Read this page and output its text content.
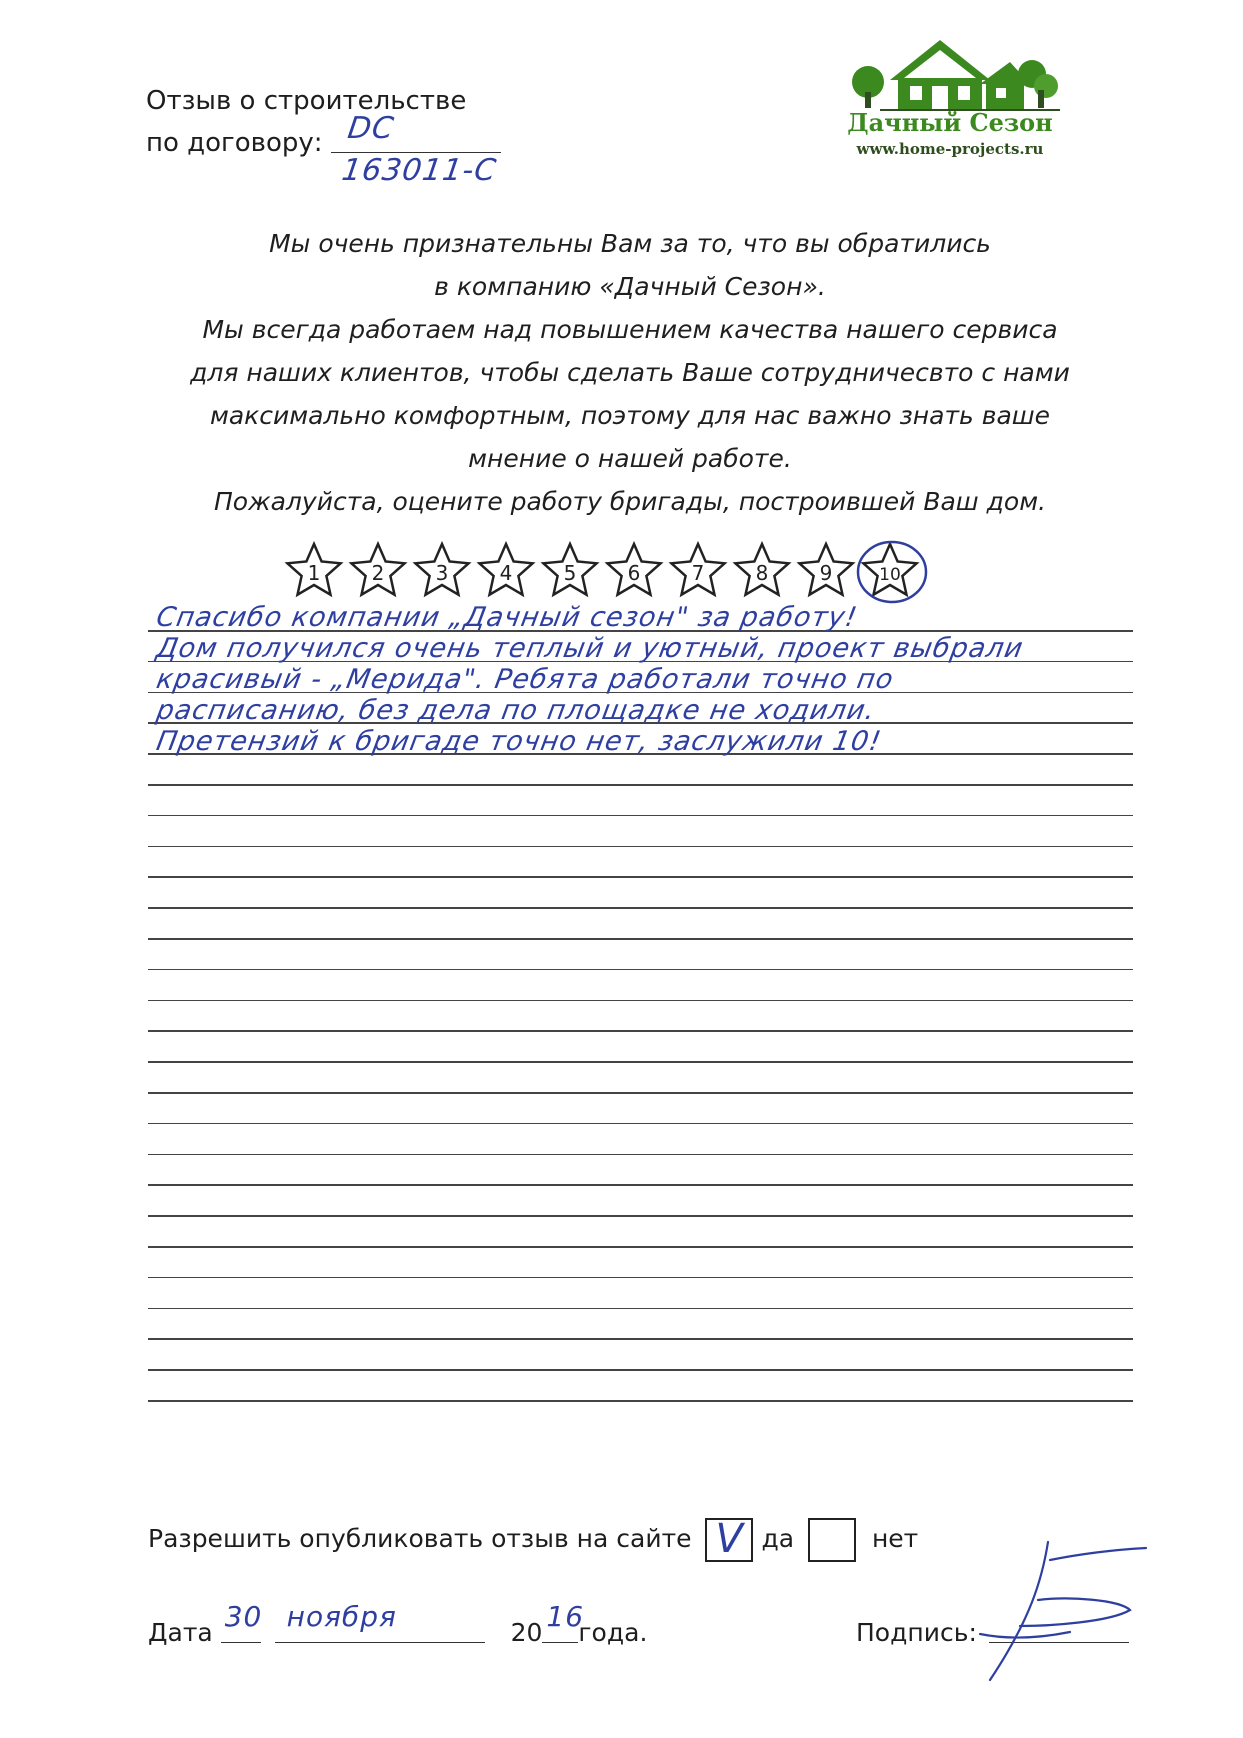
Отзыв о строительстве
по договору: DC 163011-C
Дачный Сезон
www.home-projects.ru
Мы очень признательны Вам за то, что вы обратились
в компанию «Дачный Сезон».
Мы всегда работаем над повышением качества нашего сервиса
для наших клиентов, чтобы сделать Ваше сотрудничесвто с нами
максимально комфортным, поэтому для нас важно знать ваше
мнение о нашей работе.
Пожалуйста, оцените работу бригады, построившей Ваш дом.
1	2	3	4	5	6	7	8	9	10
Спасибо компании „Дачный сезон" за работу!
Дом получился очень теплый и уютный, проект выбрали
красивый - „Мерида". Ребята работали точно по
расписанию, без дела по площадке не ходили.
Претензий к бригаде точно нет, заслужили 10!
Разрешить опубликовать отзыв на сайте V да	нет
Дата 30
ноября	20 16
года.	Подпись:
